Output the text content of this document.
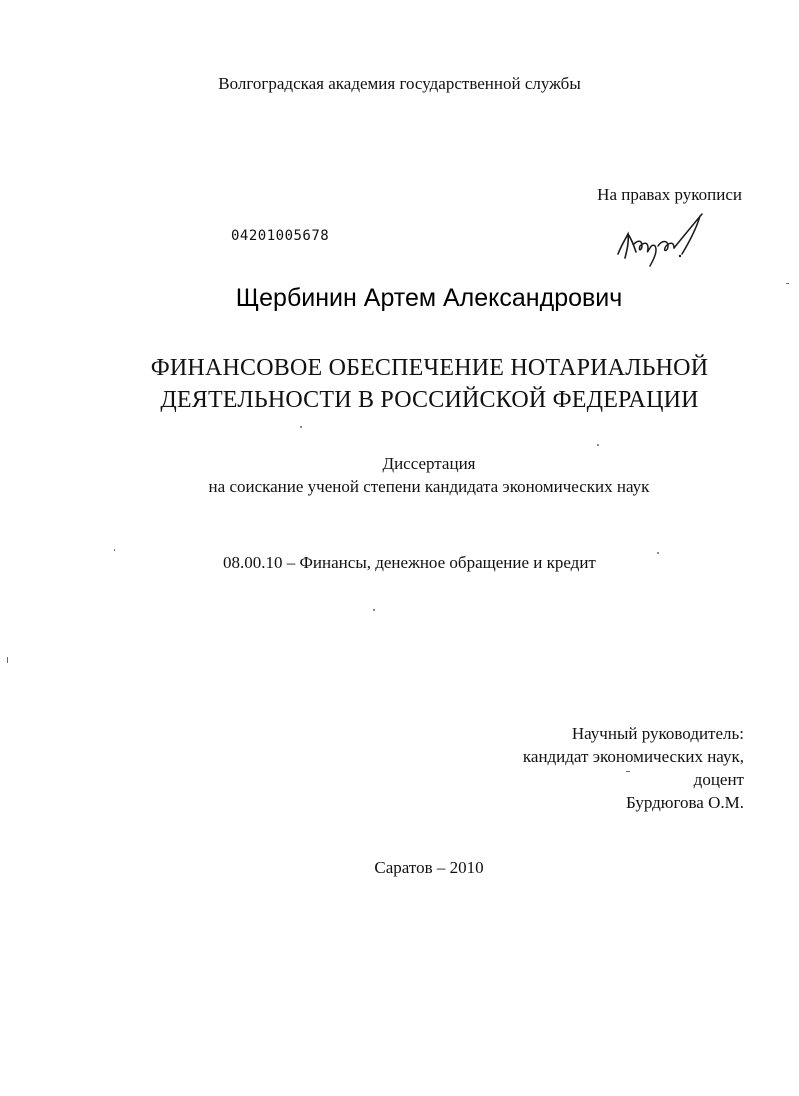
Волгоградская академия государственной службы
На правах рукописи
04201005678
Щербинин Артем Александрович
ФИНАНСОВОЕ ОБЕСПЕЧЕНИЕ НОТАРИАЛЬНОЙ
ДЕЯТЕЛЬНОСТИ В РОССИЙСКОЙ ФЕДЕРАЦИИ
Диссертация
на соискание ученой степени кандидата экономических наук
08.00.10 – Финансы, денежное обращение и кредит
Научный руководитель:
кандидат экономических наук,
доцент
Бурдюгова О.М.
Саратов – 2010
